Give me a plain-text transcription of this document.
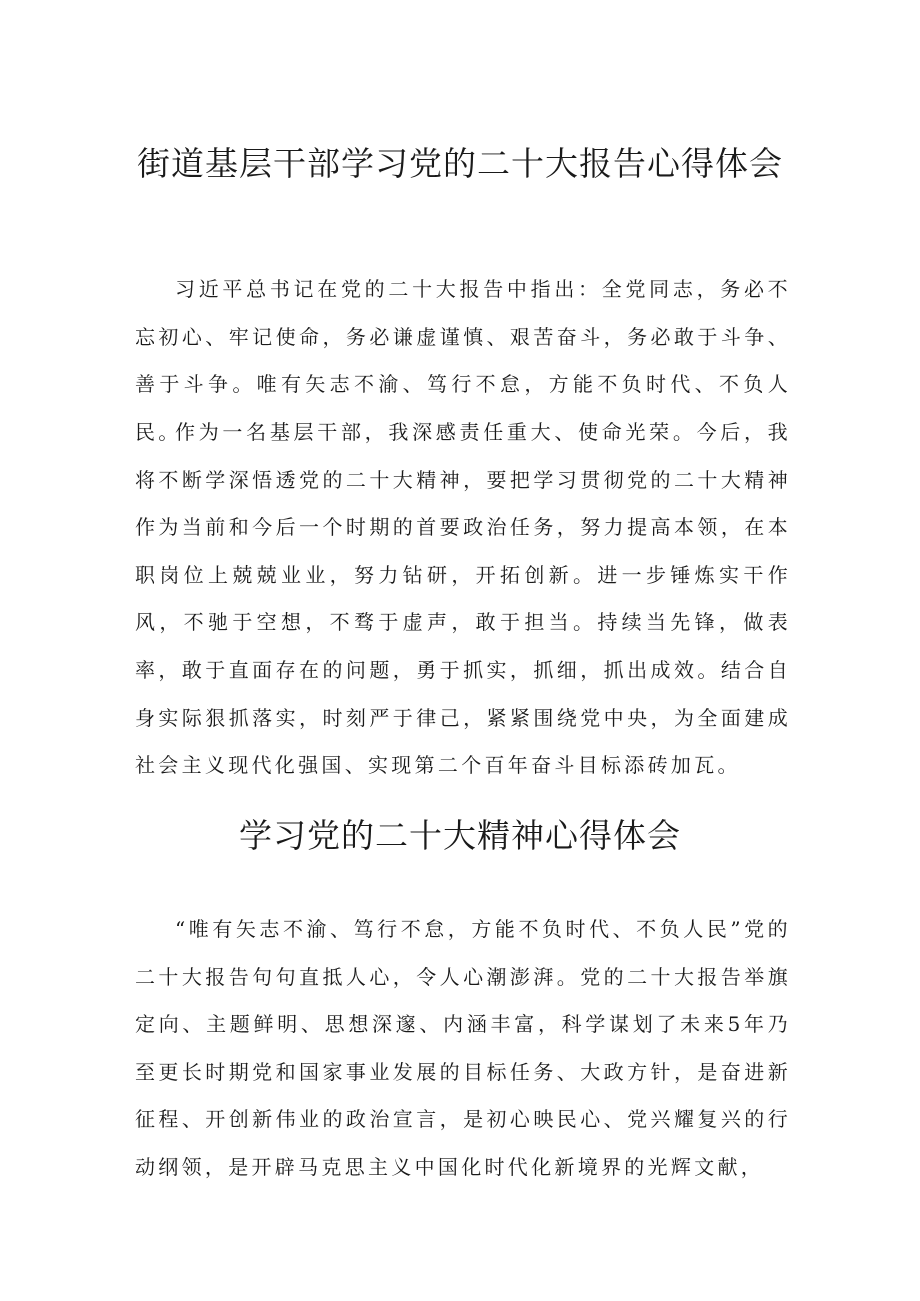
街道基层干部学习党的二十大报告心得体会

习近平总书记在党的二十大报告中指出：全党同志，务必不忘初心、牢记使命，务必谦虚谨慎、艰苦奋斗，务必敢于斗争、善于斗争。唯有矢志不渝、笃行不怠，方能不负时代、不负人民。

作为一名基层干部，我深感责任重大、使命光荣。今后，我将不断学深悟透党的二十大精神，要把学习贯彻党的二十大精神作为当前和今后一个时期的首要政治任务，努力提高本领，在本职岗位上兢兢业业，努力钻研，开拓创新。进一步锤炼实干作风，不驰于空想，不骛于虚声，敢于担当。持续当先锋，做表率，敢于直面存在的问题，勇于抓实，抓细，抓出成效。结合自身实际狠抓落实，时刻严于律己，紧紧围绕党中央，为全面建成社会主义现代化强国、实现第二个百年奋斗目标添砖加瓦。

学习党的二十大精神心得体会

“唯有矢志不渝、笃行不怠，方能不负时代、不负人民”党的二十大报告句句直抵人心，令人心潮澎湃。党的二十大报告举旗定向、主题鲜明、思想深邃、内涵丰富，科学谋划了未来5年乃至更长时期党和国家事业发展的目标任务、大政方针，是奋进新征程、开创新伟业的政治宣言，是初心映民心、党兴耀复兴的行动纲领，是开辟马克思主义中国化时代化新境界的光辉文献，
